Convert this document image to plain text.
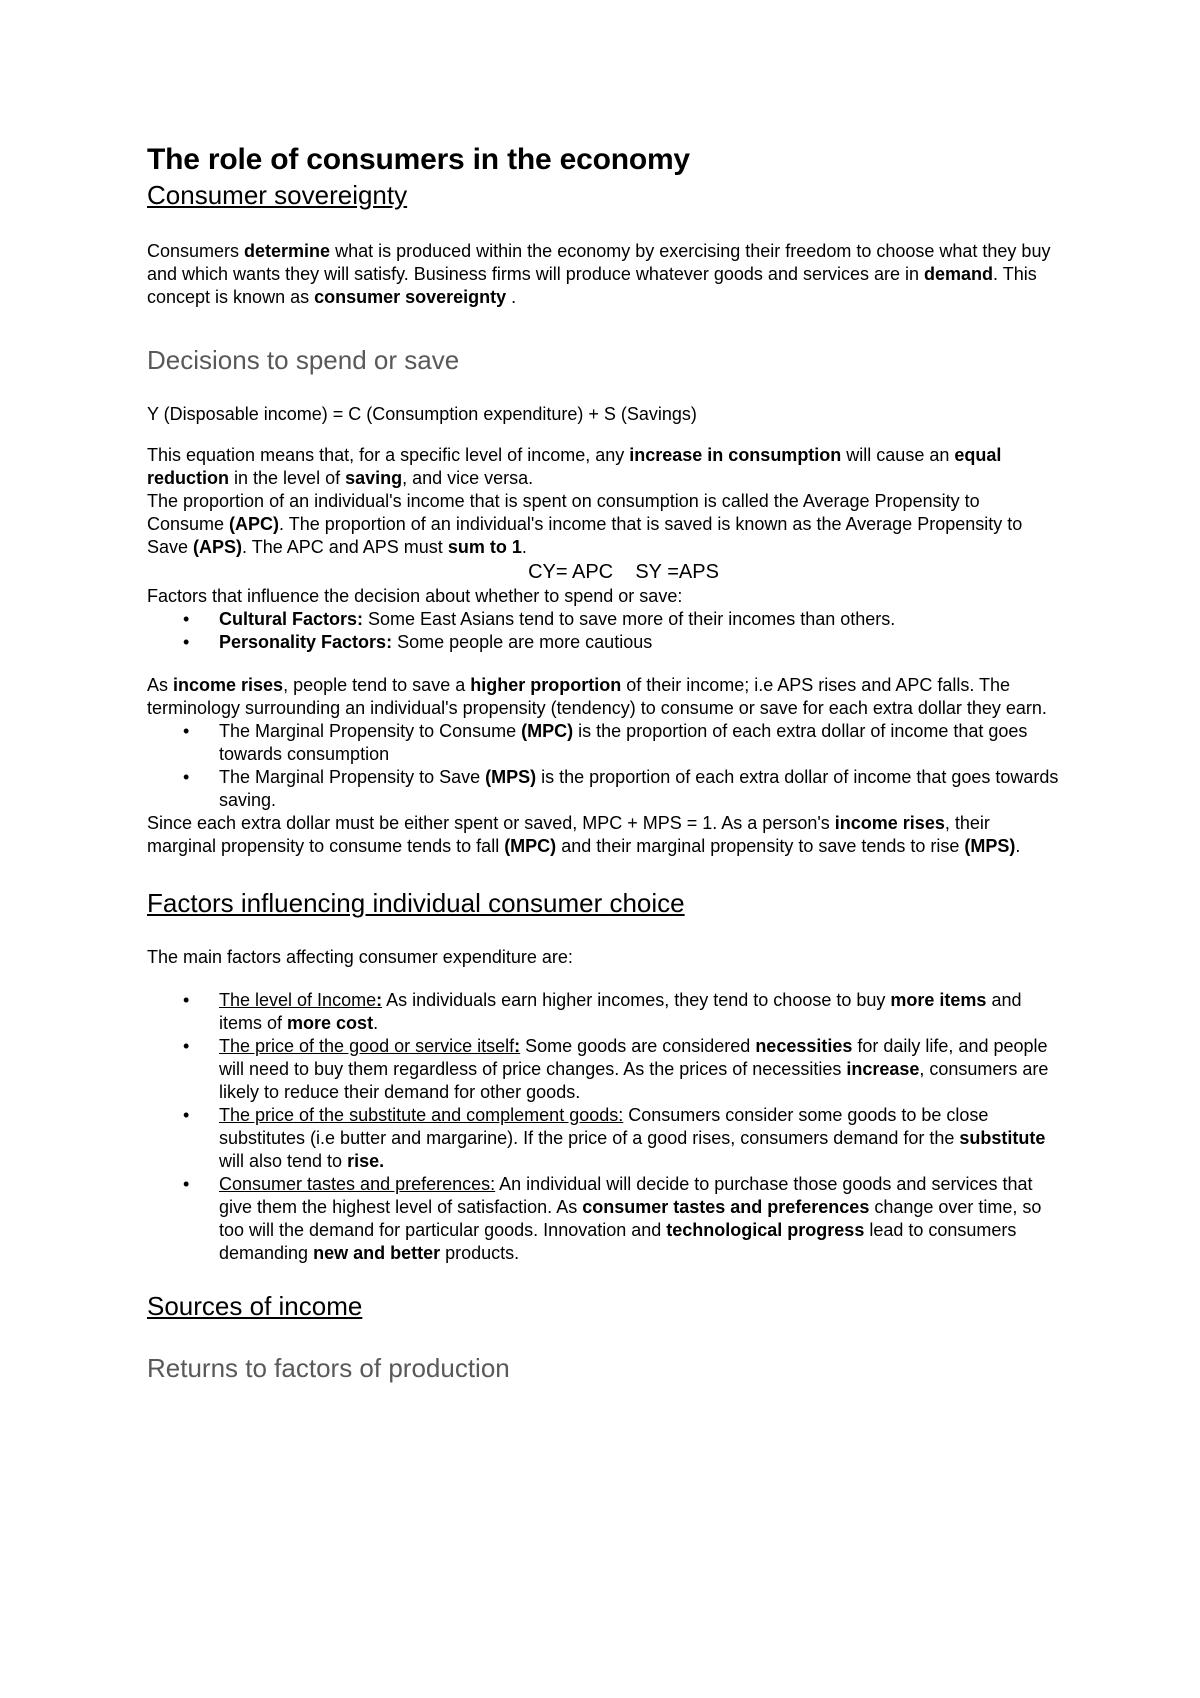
The role of consumers in the economy
Consumer sovereignty

Consumers determine what is produced within the economy by exercising their freedom to choose what they buy and which wants they will satisfy. Business firms will produce whatever goods and services are in demand. This concept is known as consumer sovereignty .

Decisions to spend or save

Y (Disposable income) = C (Consumption expenditure) + S (Savings)

This equation means that, for a specific level of income, any increase in consumption will cause an equal reduction in the level of saving, and vice versa.

The proportion of an individual's income that is spent on consumption is called the Average Propensity to Consume (APC). The proportion of an individual's income that is saved is known as the Average Propensity to Save (APS). The APC and APS must sum to 1.

CY= APC    SY =APS

Factors that influence the decision about whether to spend or save:

• Cultural Factors: Some East Asians tend to save more of their incomes than others.
• Personality Factors: Some people are more cautious

As income rises, people tend to save a higher proportion of their income; i.e APS rises and APC falls. The terminology surrounding an individual's propensity (tendency) to consume or save for each extra dollar they earn.

• The Marginal Propensity to Consume (MPC) is the proportion of each extra dollar of income that goes towards consumption
• The Marginal Propensity to Save (MPS) is the proportion of each extra dollar of income that goes towards saving.

Since each extra dollar must be either spent or saved, MPC + MPS = 1. As a person's income rises, their marginal propensity to consume tends to fall (MPC) and their marginal propensity to save tends to rise (MPS).

Factors influencing individual consumer choice

The main factors affecting consumer expenditure are:

• The level of Income: As individuals earn higher incomes, they tend to choose to buy more items and items of more cost.
• The price of the good or service itself: Some goods are considered necessities for daily life, and people will need to buy them regardless of price changes. As the prices of necessities increase, consumers are likely to reduce their demand for other goods.
• The price of the substitute and complement goods: Consumers consider some goods to be close substitutes (i.e butter and margarine). If the price of a good rises, consumers demand for the substitute will also tend to rise.
• Consumer tastes and preferences: An individual will decide to purchase those goods and services that give them the highest level of satisfaction. As consumer tastes and preferences change over time, so too will the demand for particular goods. Innovation and technological progress lead to consumers demanding new and better products.
Sources of income
Returns to factors of production
